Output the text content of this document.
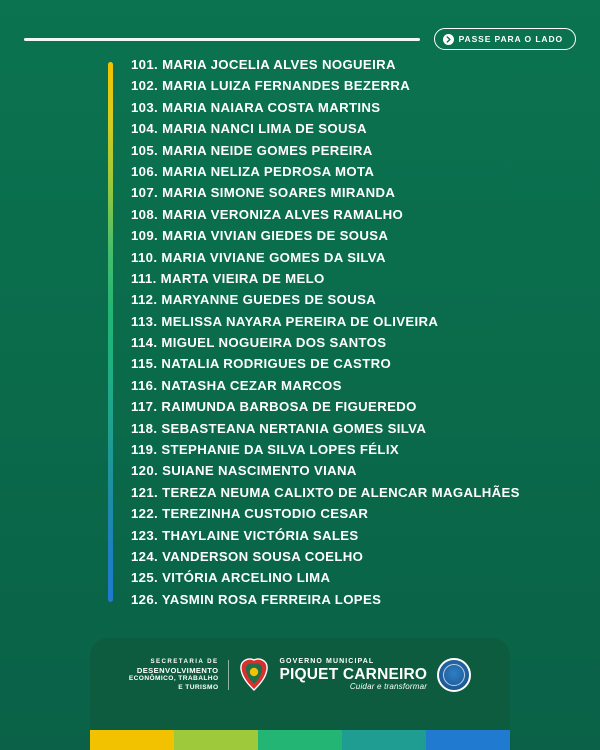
PASSE PARA O LADO
101. MARIA JOCELIA ALVES NOGUEIRA
102. MARIA LUIZA FERNANDES BEZERRA
103. MARIA NAIARA COSTA MARTINS
104. MARIA NANCI LIMA DE SOUSA
105. MARIA NEIDE GOMES PEREIRA
106. MARIA NELIZA PEDROSA MOTA
107. MARIA SIMONE SOARES MIRANDA
108. MARIA VERONIZA ALVES RAMALHO
109. MARIA VIVIAN GIEDES DE SOUSA
110. MARIA VIVIANE GOMES DA SILVA
111. MARTA VIEIRA DE MELO
112. MARYANNE GUEDES DE SOUSA
113. MELISSA NAYARA PEREIRA DE OLIVEIRA
114. MIGUEL NOGUEIRA DOS SANTOS
115. NATALIA RODRIGUES DE CASTRO
116. NATASHA CEZAR MARCOS
117. RAIMUNDA BARBOSA DE FIGUEREDO
118. SEBASTEANA NERTANIA GOMES SILVA
119. STEPHANIE DA SILVA LOPES FÉLIX
120. SUIANE NASCIMENTO VIANA
121. TEREZA NEUMA CALIXTO DE ALENCAR MAGALHÃES
122. TEREZINHA CUSTODIO CESAR
123. THAYLAINE VICTÓRIA SALES
124. VANDERSON SOUSA COELHO
125. VITÓRIA ARCELINO LIMA
126. YASMIN ROSA FERREIRA LOPES
SECRETARIA DE
DESENVOLVIMENTO
ECONÔMICO, TRABALHO
E TURISMO
GOVERNO MUNICIPAL
PIQUET CARNEIRO
Cuidar e transformar
